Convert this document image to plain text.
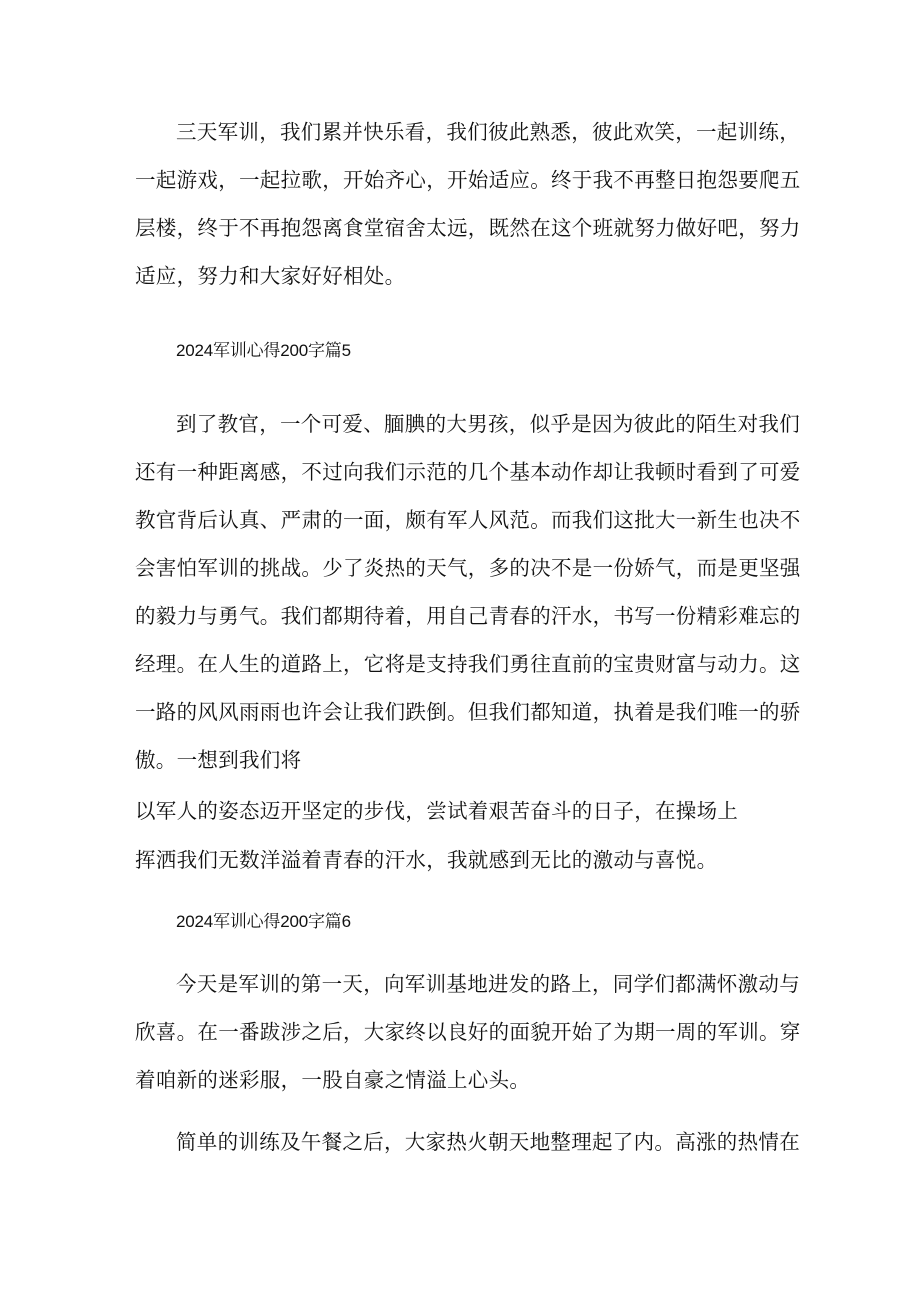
三天军训，我们累并快乐看，我们彼此熟悉，彼此欢笑，一起训练，
一起游戏，一起拉歌，开始齐心，开始适应。终于我不再整日抱怨要爬五
层楼，终于不再抱怨离食堂宿舍太远，既然在这个班就努力做好吧，努力
适应，努力和大家好好相处。
2024军训心得200字篇5
到了教官，一个可爱、腼腆的大男孩，似乎是因为彼此的陌生对我们
还有一种距离感，不过向我们示范的几个基本动作却让我顿时看到了可爱
教官背后认真、严肃的一面，颇有军人风范。而我们这批大一新生也决不
会害怕军训的挑战。少了炎热的天气，多的决不是一份娇气，而是更坚强
的毅力与勇气。我们都期待着，用自己青春的汗水，书写一份精彩难忘的
经理。在人生的道路上，它将是支持我们勇往直前的宝贵财富与动力。这
一路的风风雨雨也许会让我们跌倒。但我们都知道，执着是我们唯一的骄
傲。一想到我们将
以军人的姿态迈开坚定的步伐，尝试着艰苦奋斗的日子，在操场上
挥洒我们无数洋溢着青春的汗水，我就感到无比的激动与喜悦。
2024军训心得200字篇6
今天是军训的第一天，向军训基地进发的路上，同学们都满怀激动与
欣喜。在一番跋涉之后，大家终以良好的面貌开始了为期一周的军训。穿
着咱新的迷彩服，一股自豪之情溢上心头。
简单的训练及午餐之后，大家热火朝天地整理起了内。高涨的热情在
